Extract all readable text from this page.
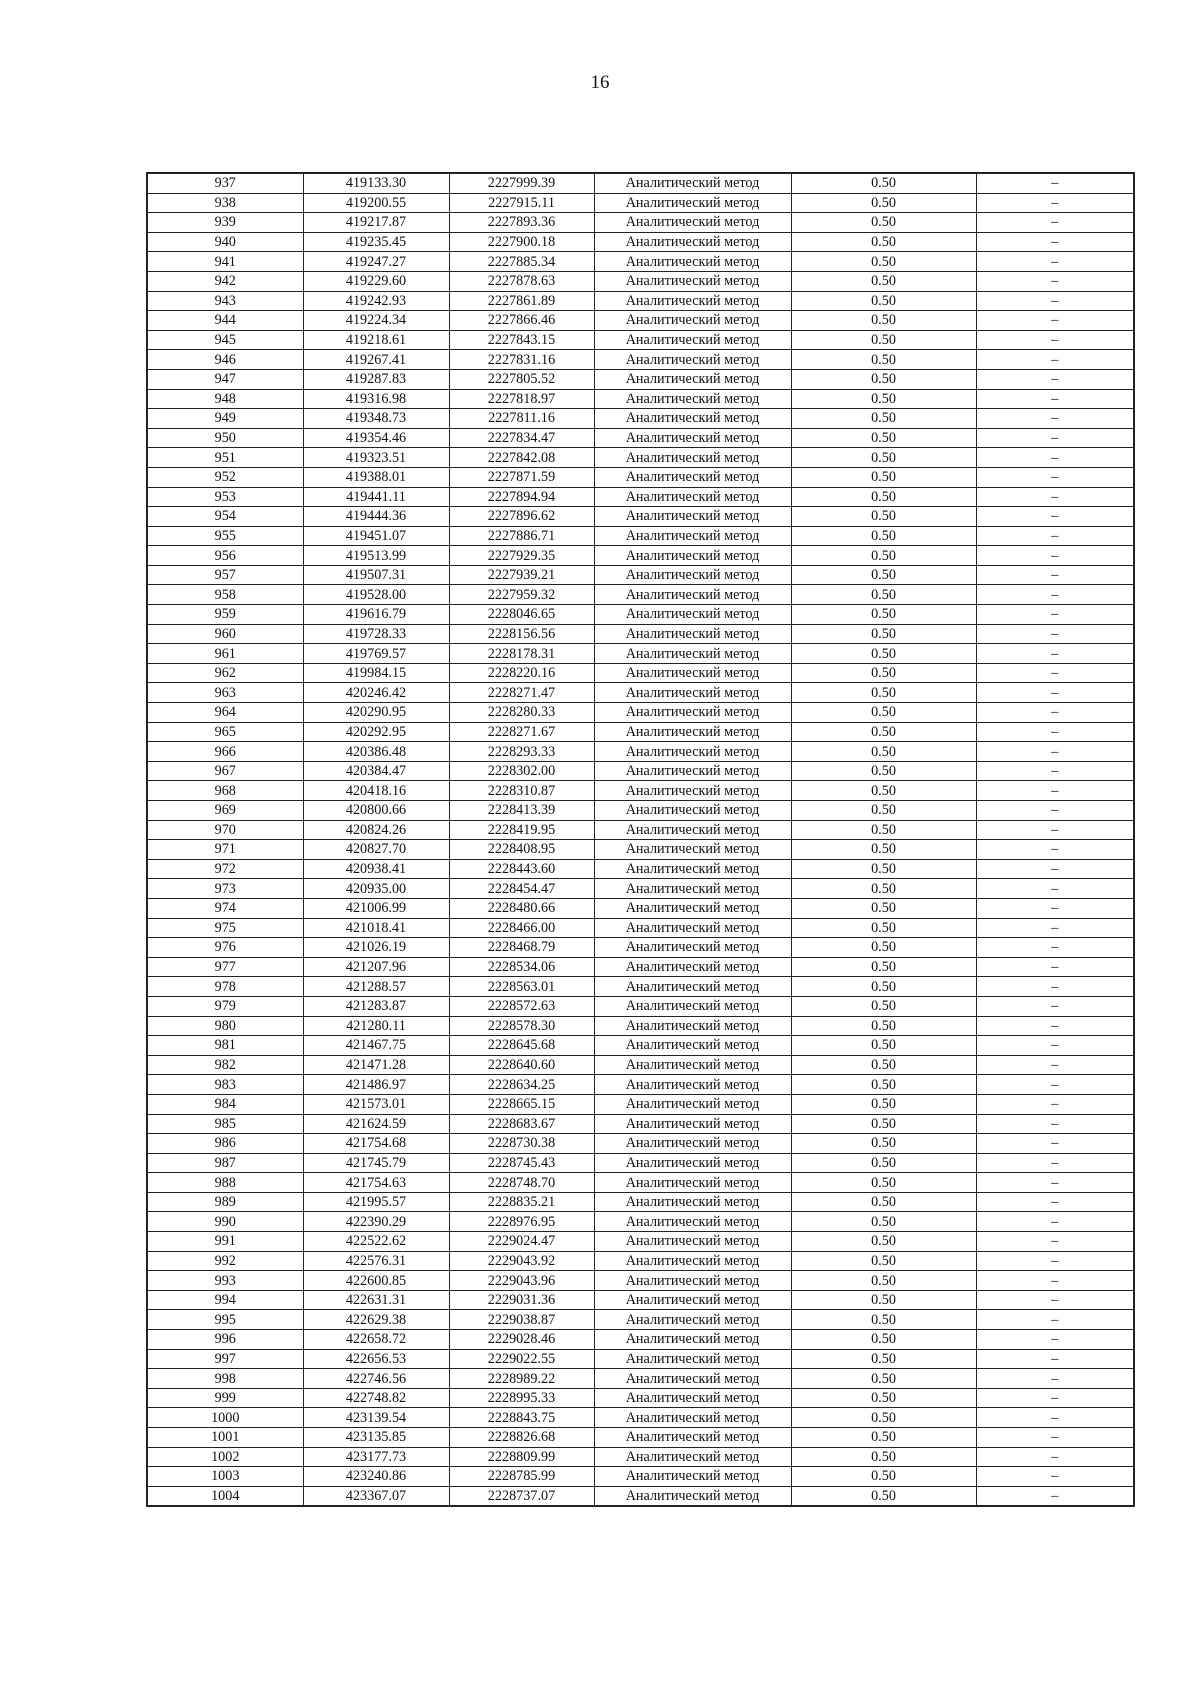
16
937	419133.30	2227999.39	Аналитический метод	0.50	–
938	419200.55	2227915.11	Аналитический метод	0.50	–
939	419217.87	2227893.36	Аналитический метод	0.50	–
940	419235.45	2227900.18	Аналитический метод	0.50	–
941	419247.27	2227885.34	Аналитический метод	0.50	–
942	419229.60	2227878.63	Аналитический метод	0.50	–
943	419242.93	2227861.89	Аналитический метод	0.50	–
944	419224.34	2227866.46	Аналитический метод	0.50	–
945	419218.61	2227843.15	Аналитический метод	0.50	–
946	419267.41	2227831.16	Аналитический метод	0.50	–
947	419287.83	2227805.52	Аналитический метод	0.50	–
948	419316.98	2227818.97	Аналитический метод	0.50	–
949	419348.73	2227811.16	Аналитический метод	0.50	–
950	419354.46	2227834.47	Аналитический метод	0.50	–
951	419323.51	2227842.08	Аналитический метод	0.50	–
952	419388.01	2227871.59	Аналитический метод	0.50	–
953	419441.11	2227894.94	Аналитический метод	0.50	–
954	419444.36	2227896.62	Аналитический метод	0.50	–
955	419451.07	2227886.71	Аналитический метод	0.50	–
956	419513.99	2227929.35	Аналитический метод	0.50	–
957	419507.31	2227939.21	Аналитический метод	0.50	–
958	419528.00	2227959.32	Аналитический метод	0.50	–
959	419616.79	2228046.65	Аналитический метод	0.50	–
960	419728.33	2228156.56	Аналитический метод	0.50	–
961	419769.57	2228178.31	Аналитический метод	0.50	–
962	419984.15	2228220.16	Аналитический метод	0.50	–
963	420246.42	2228271.47	Аналитический метод	0.50	–
964	420290.95	2228280.33	Аналитический метод	0.50	–
965	420292.95	2228271.67	Аналитический метод	0.50	–
966	420386.48	2228293.33	Аналитический метод	0.50	–
967	420384.47	2228302.00	Аналитический метод	0.50	–
968	420418.16	2228310.87	Аналитический метод	0.50	–
969	420800.66	2228413.39	Аналитический метод	0.50	–
970	420824.26	2228419.95	Аналитический метод	0.50	–
971	420827.70	2228408.95	Аналитический метод	0.50	–
972	420938.41	2228443.60	Аналитический метод	0.50	–
973	420935.00	2228454.47	Аналитический метод	0.50	–
974	421006.99	2228480.66	Аналитический метод	0.50	–
975	421018.41	2228466.00	Аналитический метод	0.50	–
976	421026.19	2228468.79	Аналитический метод	0.50	–
977	421207.96	2228534.06	Аналитический метод	0.50	–
978	421288.57	2228563.01	Аналитический метод	0.50	–
979	421283.87	2228572.63	Аналитический метод	0.50	–
980	421280.11	2228578.30	Аналитический метод	0.50	–
981	421467.75	2228645.68	Аналитический метод	0.50	–
982	421471.28	2228640.60	Аналитический метод	0.50	–
983	421486.97	2228634.25	Аналитический метод	0.50	–
984	421573.01	2228665.15	Аналитический метод	0.50	–
985	421624.59	2228683.67	Аналитический метод	0.50	–
986	421754.68	2228730.38	Аналитический метод	0.50	–
987	421745.79	2228745.43	Аналитический метод	0.50	–
988	421754.63	2228748.70	Аналитический метод	0.50	–
989	421995.57	2228835.21	Аналитический метод	0.50	–
990	422390.29	2228976.95	Аналитический метод	0.50	–
991	422522.62	2229024.47	Аналитический метод	0.50	–
992	422576.31	2229043.92	Аналитический метод	0.50	–
993	422600.85	2229043.96	Аналитический метод	0.50	–
994	422631.31	2229031.36	Аналитический метод	0.50	–
995	422629.38	2229038.87	Аналитический метод	0.50	–
996	422658.72	2229028.46	Аналитический метод	0.50	–
997	422656.53	2229022.55	Аналитический метод	0.50	–
998	422746.56	2228989.22	Аналитический метод	0.50	–
999	422748.82	2228995.33	Аналитический метод	0.50	–
1000	423139.54	2228843.75	Аналитический метод	0.50	–
1001	423135.85	2228826.68	Аналитический метод	0.50	–
1002	423177.73	2228809.99	Аналитический метод	0.50	–
1003	423240.86	2228785.99	Аналитический метод	0.50	–
1004	423367.07	2228737.07	Аналитический метод	0.50	–
